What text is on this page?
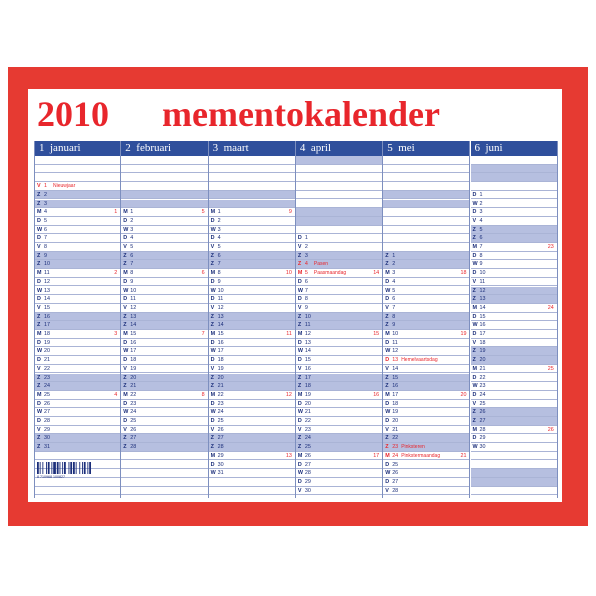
2010 mementokalender
1 januari
V 1 Nieuwjaar
Z 2
Z 3
M 4	1
D 5
W 6
D 7
V 8
Z 9
Z 10
M 11	2
D 12
W 13
D 14
V 15
Z 16
Z 17
M 18	3
D 19
W 20
D 21
V 22
Z 23
Z 24
M 25	4
D 26
W 27
D 28
V 29
Z 30
Z 31
2 februari
M 1	5
D 2
W 3
D 4
V 5
Z 6
Z 7
M 8	6
D 9
W 10
D 11
V 12
Z 13
Z 14
M 15	7
D 16
W 17
D 18
V 19
Z 20
Z 21
M 22	8
D 23
W 24
D 25
V 26
Z 27
Z 28
3 maart
M 1	9
D 2
W 3
D 4
V 5
Z 6
Z 7
M 8	10
D 9
W 10
D 11
V 12
Z 13
Z 14
M 15	11
D 16
W 17
D 18
V 19
Z 20
Z 21
M 22	12
D 23
W 24
D 25
V 26
Z 27
Z 28
M 29	13
D 30
W 31
4 april
D 1
V 2
Z 3
Z 4 Pasen
M 5 Paasmaandag	14
D 6
W 7
D 8
V 9
Z 10
Z 11
M 12	15
D 13
W 14
D 15
V 16
Z 17
Z 18
M 19	16
D 20
W 21
D 22
V 23
Z 24
Z 25
M 26	17
D 27
W 28
D 29
V 30
5 mei
Z 1
Z 2
M 3	18
D 4
W 5
D 6
V 7
Z 8
Z 9
M 10	19
D 11
W 12
D 13 Hemelvaartsdag
V 14
Z 15
Z 16
M 17	20
D 18
W 19
D 20
V 21
Z 22
Z 23 Pinksteren
M 24 Pinkstermaandag	21
D 25
W 26
D 27
V 28
6 juni
D 1
W 2
D 3
V 4
Z 5
Z 6
M 7	23
D 8
W 9
D 10
V 11
Z 12
Z 13
M 14	24
D 15
W 16
D 17
V 18
Z 19
Z 20
M 21	25
D 22
W 23
D 24
V 25
Z 26
Z 27
M 28	26
D 29
W 30
8 710968 100827
